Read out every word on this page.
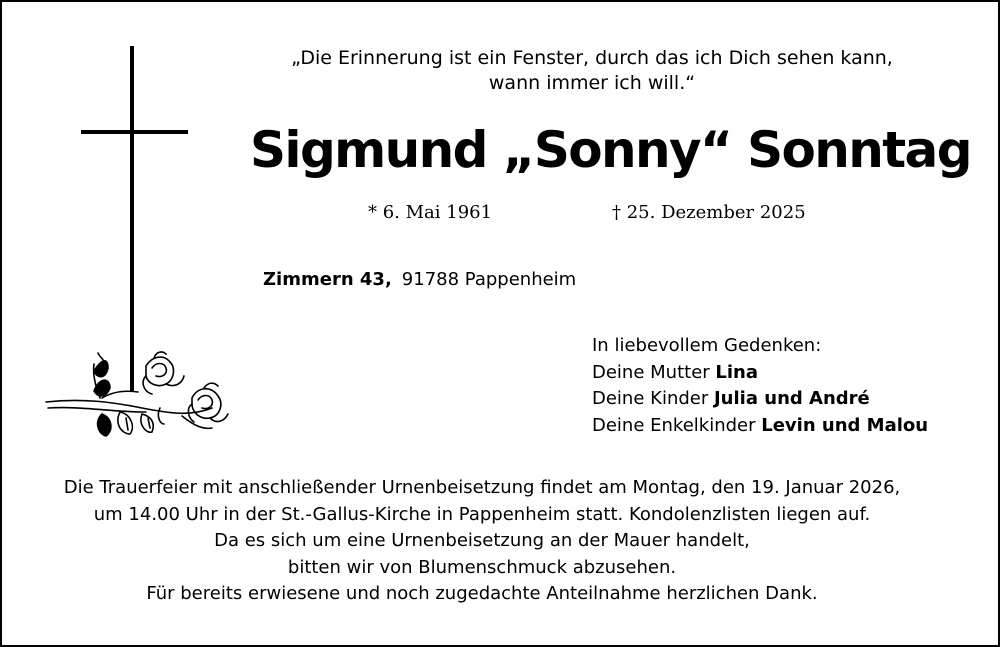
„Die Erinnerung ist ein Fenster, durch das ich Dich sehen kann,
wann immer ich will.“
Sigmund „Sonny“ Sonntag
* 6. Mai 1961	† 25. Dezember 2025
Zimmern 43, 91788 Pappenheim
In liebevollem Gedenken:
Deine Mutter Lina
Deine Kinder Julia und André
Deine Enkelkinder Levin und Malou
Die Trauerfeier mit anschließender Urnenbeisetzung findet am Montag, den 19. Januar 2026,
um 14.00 Uhr in der St.-Gallus-Kirche in Pappenheim statt. Kondolenzlisten liegen auf.
Da es sich um eine Urnenbeisetzung an der Mauer handelt,
bitten wir von Blumenschmuck abzusehen.
Für bereits erwiesene und noch zugedachte Anteilnahme herzlichen Dank.
